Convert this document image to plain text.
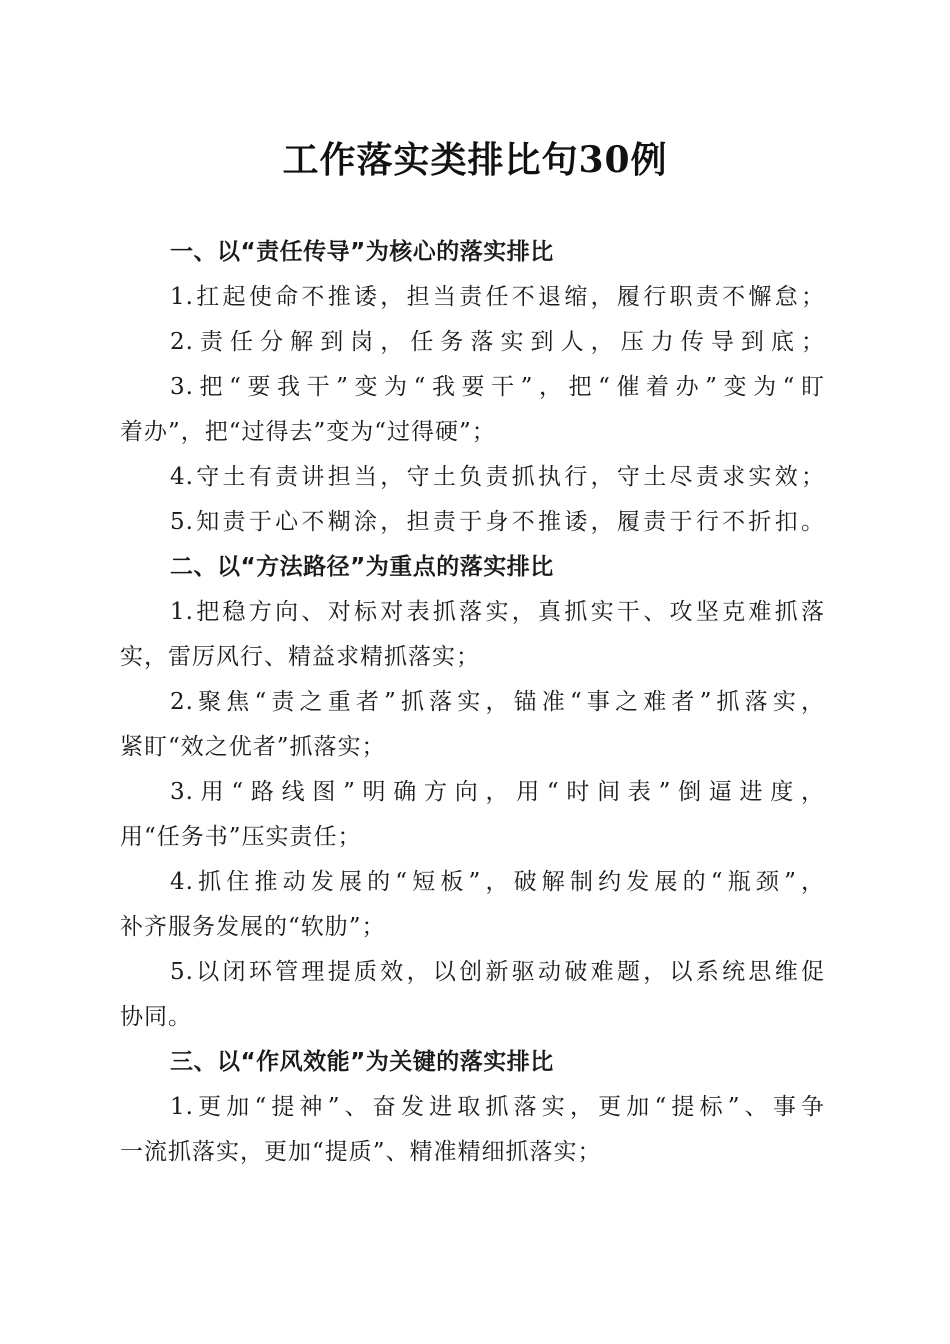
工作落实类排比句30例
一、以“责任传导”为核心的落实排比
1.扛起使命不推诿，担当责任不退缩，履行职责不懈怠；
2.责任分解到岗，任务落实到人，压力传导到底；
3.把“要我干”变为“我要干”，把“催着办”变为“盯
着办”，把“过得去”变为“过得硬”；
4.守土有责讲担当，守土负责抓执行，守土尽责求实效；
5.知责于心不糊涂，担责于身不推诿，履责于行不折扣。
二、以“方法路径”为重点的落实排比
1.把稳方向、对标对表抓落实，真抓实干、攻坚克难抓落
实，雷厉风行、精益求精抓落实；
2.聚焦“责之重者”抓落实，锚准“事之难者”抓落实，
紧盯“效之优者”抓落实；
3.用“路线图”明确方向，用“时间表”倒逼进度，
用“任务书”压实责任；
4.抓住推动发展的“短板”，破解制约发展的“瓶颈”，
补齐服务发展的“软肋”；
5.以闭环管理提质效，以创新驱动破难题，以系统思维促
协同。
三、以“作风效能”为关键的落实排比
1.更加“提神”、奋发进取抓落实，更加“提标”、事争
一流抓落实，更加“提质”、精准精细抓落实；
